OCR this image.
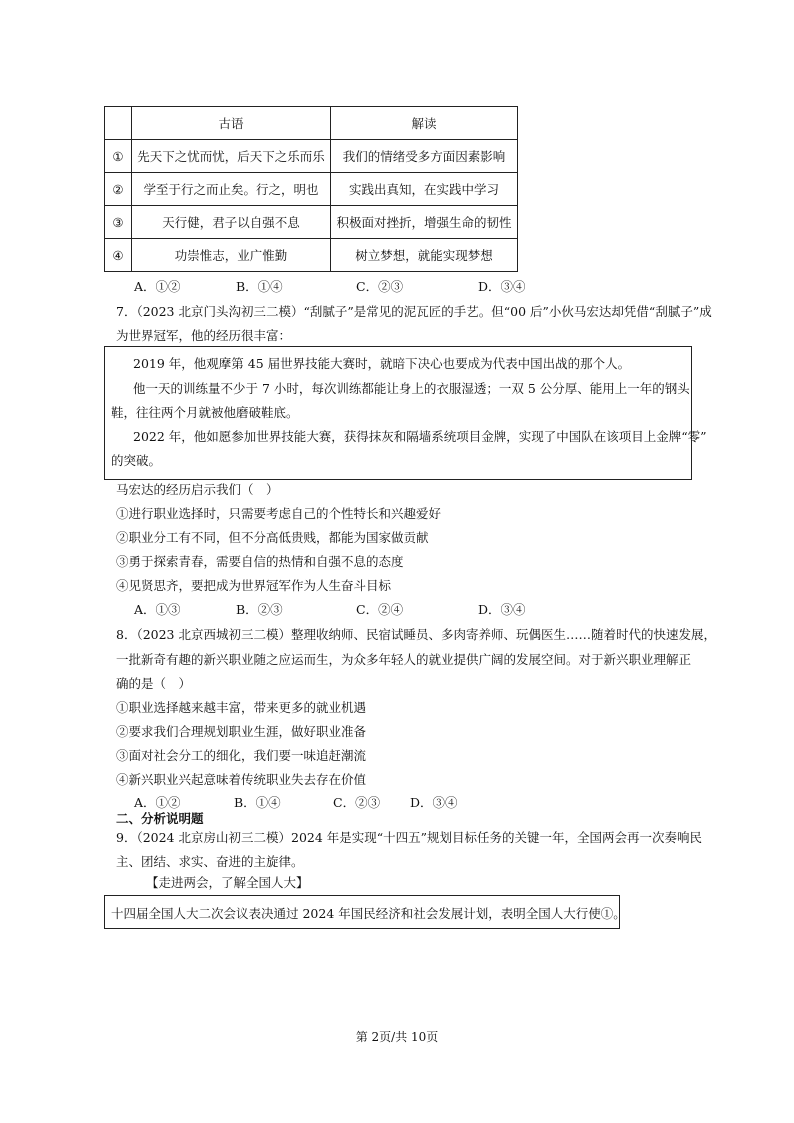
	古语	解读
①	先天下之忧而忧，后天下之乐而乐	我们的情绪受多方面因素影响
②	学至于行之而止矣。行之，明也	实践出真知，在实践中学习
③	天行健，君子以自强不息	积极面对挫折，增强生命的韧性
④	功崇惟志，业广惟勤	树立梦想，就能实现梦想
A．①②	B．①④	C．②③	D．③④
7．（2023 北京门头沟初三二模）“刮腻子”是常见的泥瓦匠的手艺。但“00 后”小伙马宏达却凭借“刮腻子”成
为世界冠军，他的经历很丰富：

2019 年，他观摩第 45 届世界技能大赛时，就暗下决心也要成为代表中国出战的那个人。

他一天的训练量不少于 7 小时，每次训练都能让身上的衣服湿透；一双 5 公分厚、能用上一年的钢头

鞋，往往两个月就被他磨破鞋底。

2022 年，他如愿参加世界技能大赛，获得抹灰和隔墙系统项目金牌，实现了中国队在该项目上金牌“零”

的突破。

马宏达的经历启示我们（　）
①进行职业选择时，只需要考虑自己的个性特长和兴趣爱好
②职业分工有不同，但不分高低贵贱，都能为国家做贡献
③勇于探索青春，需要自信的热情和自强不息的态度
④见贤思齐，要把成为世界冠军作为人生奋斗目标
A．①③	B．②③	C．②④	D．③④
8．（2023 北京西城初三二模）整理收纳师、民宿试睡员、多肉寄养师、玩偶医生……随着时代的快速发展，
一批新奇有趣的新兴职业随之应运而生，为众多年轻人的就业提供广阔的发展空间。对于新兴职业理解正
确的是（　）
①职业选择越来越丰富，带来更多的就业机遇
②要求我们合理规划职业生涯，做好职业准备
③面对社会分工的细化，我们要一味追赶潮流
④新兴职业兴起意味着传统职业失去存在价值
A．①②	B．①④	C．②③ D．③④
二、分析说明题
9．（2024 北京房山初三二模）2024 年是实现“十四五”规划目标任务的关键一年，全国两会再一次奏响民
主、团结、求实、奋进的主旋律。
【走进两会，了解全国人大】

十四届全国人大二次会议表决通过 2024 年国民经济和社会发展计划，表明全国人大行使①。

第 2页/共 10页
